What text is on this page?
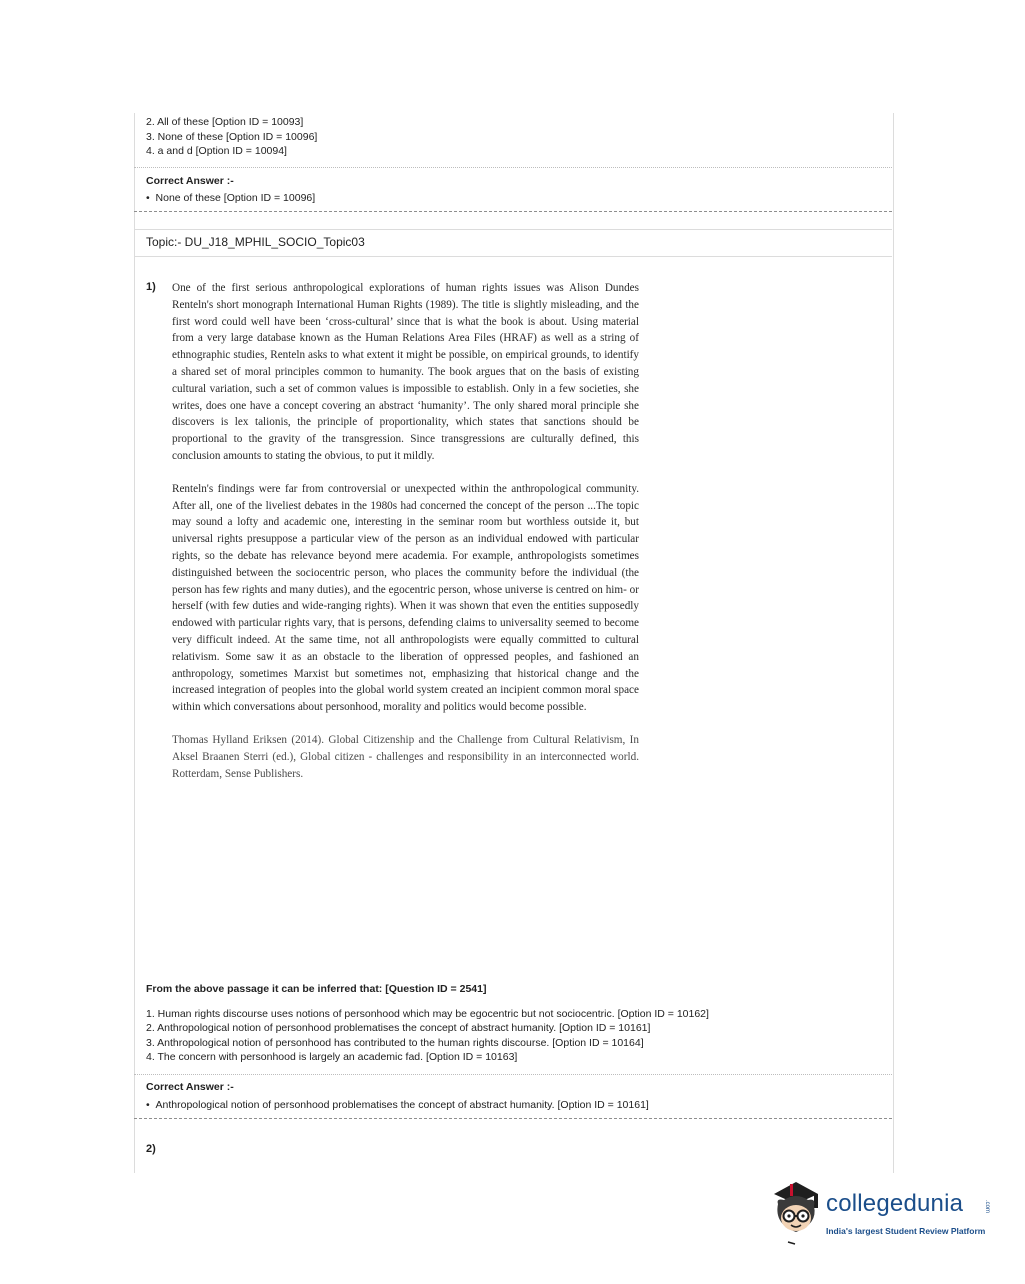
2. All of these [Option ID = 10093]
3. None of these [Option ID = 10096]
4. a and d [Option ID = 10094]
Correct Answer :-
•  None of these [Option ID = 10096]
Topic:- DU_J18_MPHIL_SOCIO_Topic03
1) One of the first serious anthropological explorations of human rights issues was Alison Dundes Renteln's short monograph International Human Rights (1989). The title is slightly misleading, and the first word could well have been ‘cross-cultural’ since that is what the book is about. Using material from a very large database known as the Human Relations Area Files (HRAF) as well as a string of ethnographic studies, Renteln asks to what extent it might be possible, on empirical grounds, to identify a shared set of moral principles common to humanity. The book argues that on the basis of existing cultural variation, such a set of common values is impossible to establish. Only in a few societies, she writes, does one have a concept covering an abstract ‘humanity’. The only shared moral principle she discovers is lex talionis, the principle of proportionality, which states that sanctions should be proportional to the gravity of the transgression. Since transgressions are culturally defined, this conclusion amounts to stating the obvious, to put it mildly.

Renteln's findings were far from controversial or unexpected within the anthropological community. After all, one of the liveliest debates in the 1980s had concerned the concept of the person ...The topic may sound a lofty and academic one, interesting in the seminar room but worthless outside it, but universal rights presuppose a particular view of the person as an individual endowed with particular rights, so the debate has relevance beyond mere academia. For example, anthropologists sometimes distinguished between the sociocentric person, who places the community before the individual (the person has few rights and many duties), and the egocentric person, whose universe is centred on him- or herself (with few duties and wide-ranging rights). When it was shown that even the entities supposedly endowed with particular rights vary, that is persons, defending claims to universality seemed to become very difficult indeed. At the same time, not all anthropologists were equally committed to cultural relativism. Some saw it as an obstacle to the liberation of oppressed peoples, and fashioned an anthropology, sometimes Marxist but sometimes not, emphasizing that historical change and the increased integration of peoples into the global world system created an incipient common moral space within which conversations about personhood, morality and politics would become possible.

Thomas Hylland Eriksen (2014). Global Citizenship and the Challenge from Cultural Relativism, In Aksel Braanen Sterri (ed.), Global citizen - challenges and responsibility in an interconnected world. Rotterdam, Sense Publishers.

From the above passage it can be inferred that: [Question ID = 2541]
1. Human rights discourse uses notions of personhood which may be egocentric but not sociocentric. [Option ID = 10162]
2. Anthropological notion of personhood problematises the concept of abstract humanity. [Option ID = 10161]
3. Anthropological notion of personhood has contributed to the human rights discourse. [Option ID = 10164]
4. The concern with personhood is largely an academic fad. [Option ID = 10163]
Correct Answer :-
•  Anthropological notion of personhood problematises the concept of abstract humanity. [Option ID = 10161]
2)
collegedunia	.com
India's largest Student Review Platform
